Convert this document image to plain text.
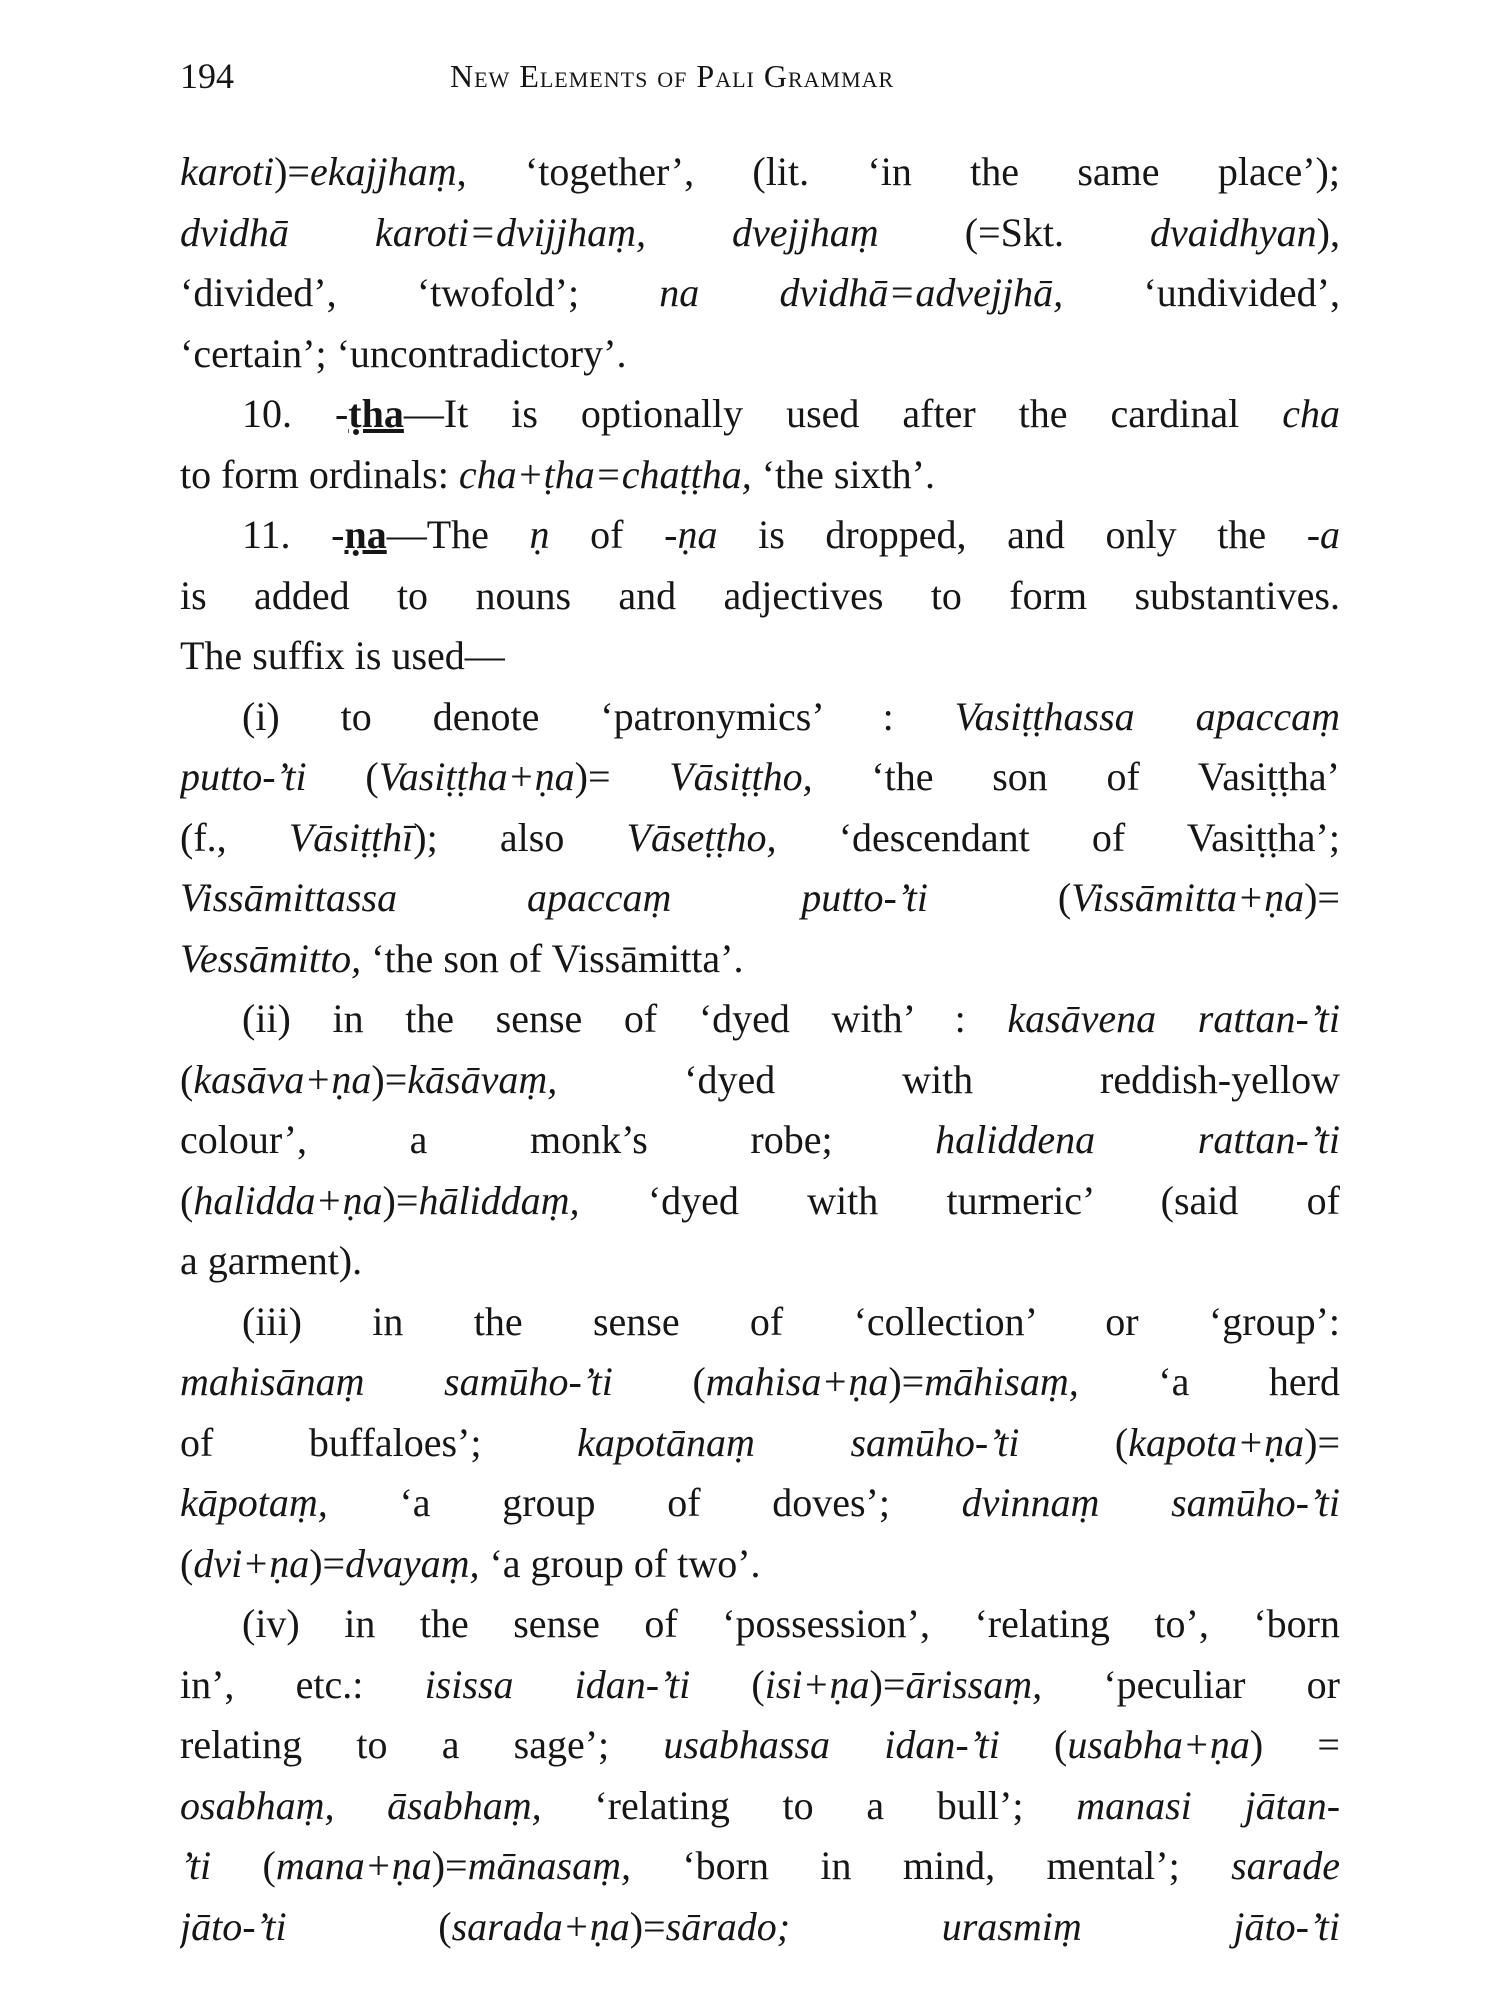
194	New Elements of Pali Grammar
karoti)=ekajjhaṃ, ‘together’, (lit. ‘in the same place’);
dvidhā karoti=dvijjhaṃ, dvejjhaṃ (=Skt. dvaidhyan),
‘divided’, ‘twofold’; na dvidhā=advejjhā, ‘undivided’,
‘certain’; ‘uncontradictory’.
10. -ṭha—It is optionally used after the cardinal cha
to form ordinals: cha+ṭha=chaṭṭha, ‘the sixth’.
11. -ṇa—The ṇ of -ṇa is dropped, and only the -a
is added to nouns and adjectives to form substantives.
The suffix is used—
(i) to denote ‘patronymics’ : Vasiṭṭhassa apaccaṃ
putto-’ti (Vasiṭṭha+ṇa)= Vāsiṭṭho, ‘the son of Vasiṭṭha’
(f., Vāsiṭṭhī); also Vāseṭṭho, ‘descendant of Vasiṭṭha’;
Vissāmittassa apaccaṃ putto-’ti (Vissāmitta+ṇa)=
Vessāmitto, ‘the son of Vissāmitta’.
(ii) in the sense of ‘dyed with’ : kasāvena rattan-’ti
(kasāva+ṇa)=kāsāvaṃ, ‘dyed with reddish-yellow
colour’, a monk’s robe; haliddena rattan-’ti
(halidda+ṇa)=hāliddaṃ, ‘dyed with turmeric’ (said of
a garment).
(iii) in the sense of ‘collection’ or ‘group’:
mahisānaṃ samūho-’ti (mahisa+ṇa)=māhisaṃ, ‘a herd
of buffaloes’; kapotānaṃ samūho-’ti (kapota+ṇa)=
kāpotaṃ, ‘a group of doves’; dvinnaṃ samūho-’ti
(dvi+ṇa)=dvayaṃ, ‘a group of two’.
(iv) in the sense of ‘possession’, ‘relating to’, ‘born
in’, etc.: isissa idan-’ti (isi+ṇa)=ārissaṃ, ‘peculiar or
relating to a sage’; usabhassa idan-’ti (usabha+ṇa) =
osabhaṃ, āsabhaṃ, ‘relating to a bull’; manasi jātan-
’ti (mana+ṇa)=mānasaṃ, ‘born in mind, mental’; sarade
jāto-’ti (sarada+ṇa)=sārado;	urasmiṃ jāto-’ti
